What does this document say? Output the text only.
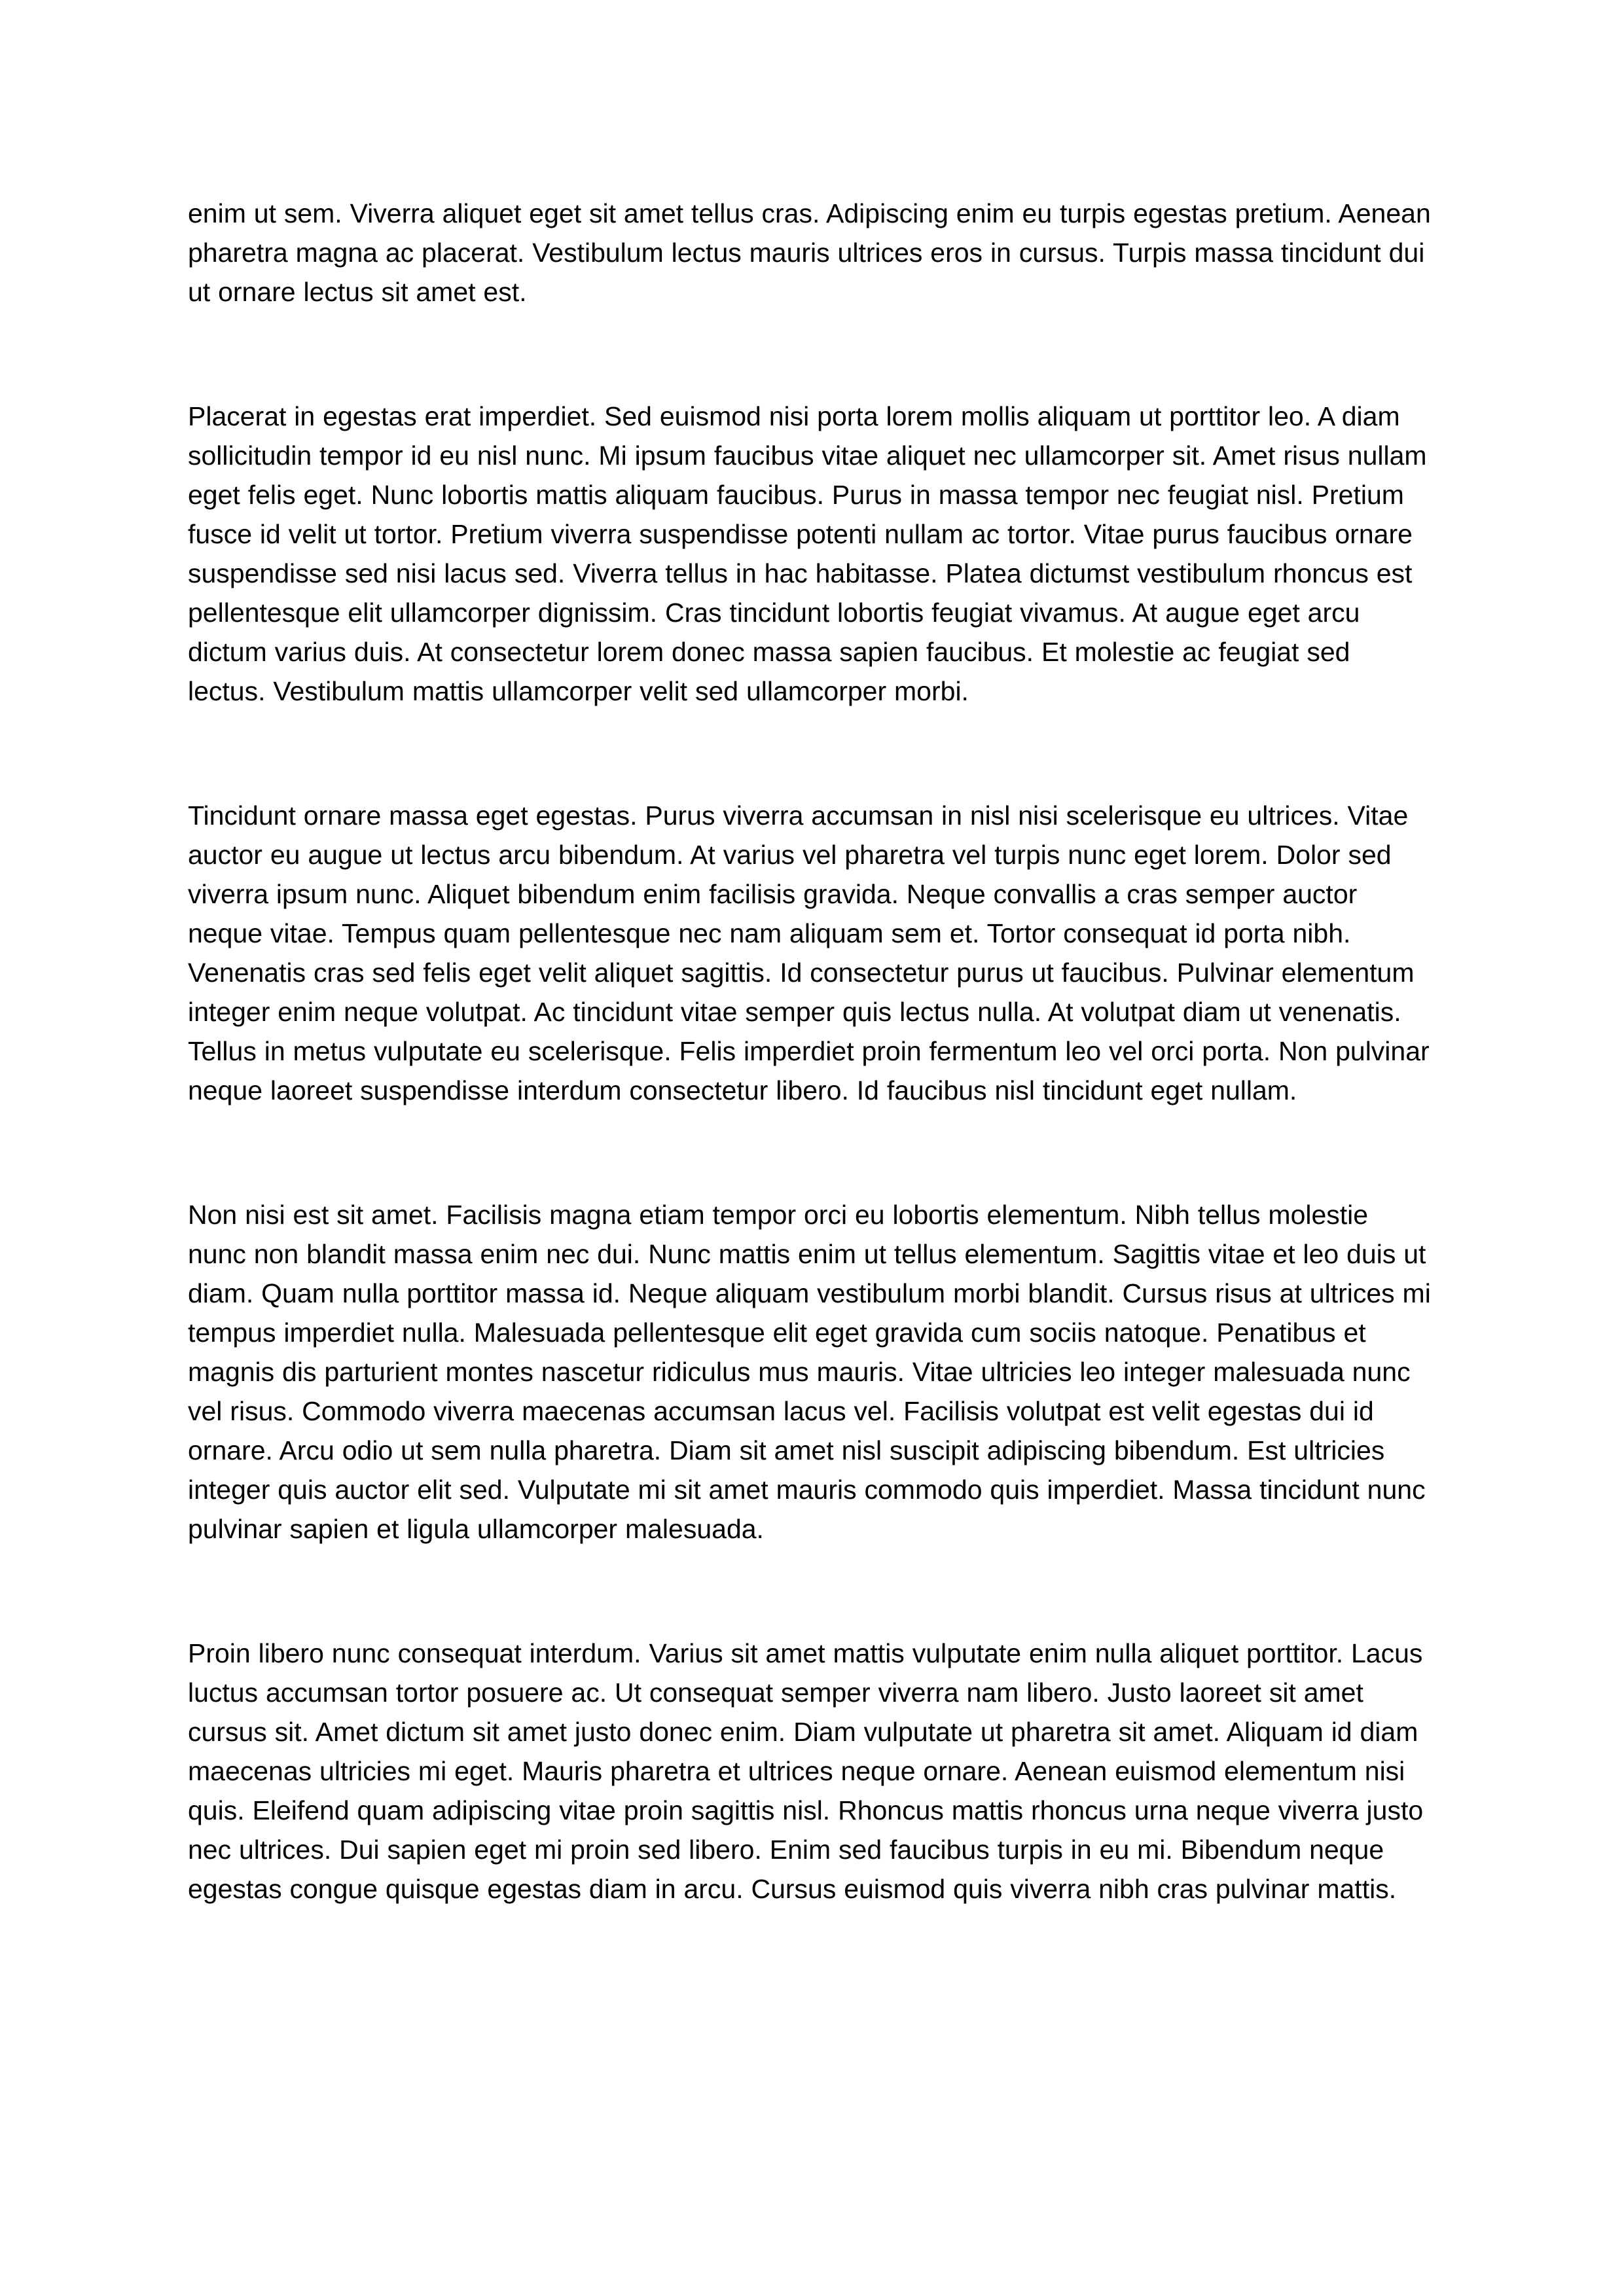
enim ut sem. Viverra aliquet eget sit amet tellus cras. Adipiscing enim eu turpis egestas pretium. Aenean pharetra magna ac placerat. Vestibulum lectus mauris ultrices eros in cursus. Turpis massa tincidunt dui ut ornare lectus sit amet est.

Placerat in egestas erat imperdiet. Sed euismod nisi porta lorem mollis aliquam ut porttitor leo. A diam sollicitudin tempor id eu nisl nunc. Mi ipsum faucibus vitae aliquet nec ullamcorper sit. Amet risus nullam eget felis eget. Nunc lobortis mattis aliquam faucibus. Purus in massa tempor nec feugiat nisl. Pretium fusce id velit ut tortor. Pretium viverra suspendisse potenti nullam ac tortor. Vitae purus faucibus ornare suspendisse sed nisi lacus sed. Viverra tellus in hac habitasse. Platea dictumst vestibulum rhoncus est pellentesque elit ullamcorper dignissim. Cras tincidunt lobortis feugiat vivamus. At augue eget arcu dictum varius duis. At consectetur lorem donec massa sapien faucibus. Et molestie ac feugiat sed lectus. Vestibulum mattis ullamcorper velit sed ullamcorper morbi.

Tincidunt ornare massa eget egestas. Purus viverra accumsan in nisl nisi scelerisque eu ultrices. Vitae auctor eu augue ut lectus arcu bibendum. At varius vel pharetra vel turpis nunc eget lorem. Dolor sed viverra ipsum nunc. Aliquet bibendum enim facilisis gravida. Neque convallis a cras semper auctor neque vitae. Tempus quam pellentesque nec nam aliquam sem et. Tortor consequat id porta nibh. Venenatis cras sed felis eget velit aliquet sagittis. Id consectetur purus ut faucibus. Pulvinar elementum integer enim neque volutpat. Ac tincidunt vitae semper quis lectus nulla. At volutpat diam ut venenatis. Tellus in metus vulputate eu scelerisque. Felis imperdiet proin fermentum leo vel orci porta. Non pulvinar neque laoreet suspendisse interdum consectetur libero. Id faucibus nisl tincidunt eget nullam.

Non nisi est sit amet. Facilisis magna etiam tempor orci eu lobortis elementum. Nibh tellus molestie nunc non blandit massa enim nec dui. Nunc mattis enim ut tellus elementum. Sagittis vitae et leo duis ut diam. Quam nulla porttitor massa id. Neque aliquam vestibulum morbi blandit. Cursus risus at ultrices mi tempus imperdiet nulla. Malesuada pellentesque elit eget gravida cum sociis natoque. Penatibus et magnis dis parturient montes nascetur ridiculus mus mauris. Vitae ultricies leo integer malesuada nunc vel risus. Commodo viverra maecenas accumsan lacus vel. Facilisis volutpat est velit egestas dui id ornare. Arcu odio ut sem nulla pharetra. Diam sit amet nisl suscipit adipiscing bibendum. Est ultricies integer quis auctor elit sed. Vulputate mi sit amet mauris commodo quis imperdiet. Massa tincidunt nunc pulvinar sapien et ligula ullamcorper malesuada.

Proin libero nunc consequat interdum. Varius sit amet mattis vulputate enim nulla aliquet porttitor. Lacus luctus accumsan tortor posuere ac. Ut consequat semper viverra nam libero. Justo laoreet sit amet cursus sit. Amet dictum sit amet justo donec enim. Diam vulputate ut pharetra sit amet. Aliquam id diam maecenas ultricies mi eget. Mauris pharetra et ultrices neque ornare. Aenean euismod elementum nisi quis. Eleifend quam adipiscing vitae proin sagittis nisl. Rhoncus mattis rhoncus urna neque viverra justo nec ultrices. Dui sapien eget mi proin sed libero. Enim sed faucibus turpis in eu mi. Bibendum neque egestas congue quisque egestas diam in arcu. Cursus euismod quis viverra nibh cras pulvinar mattis.
